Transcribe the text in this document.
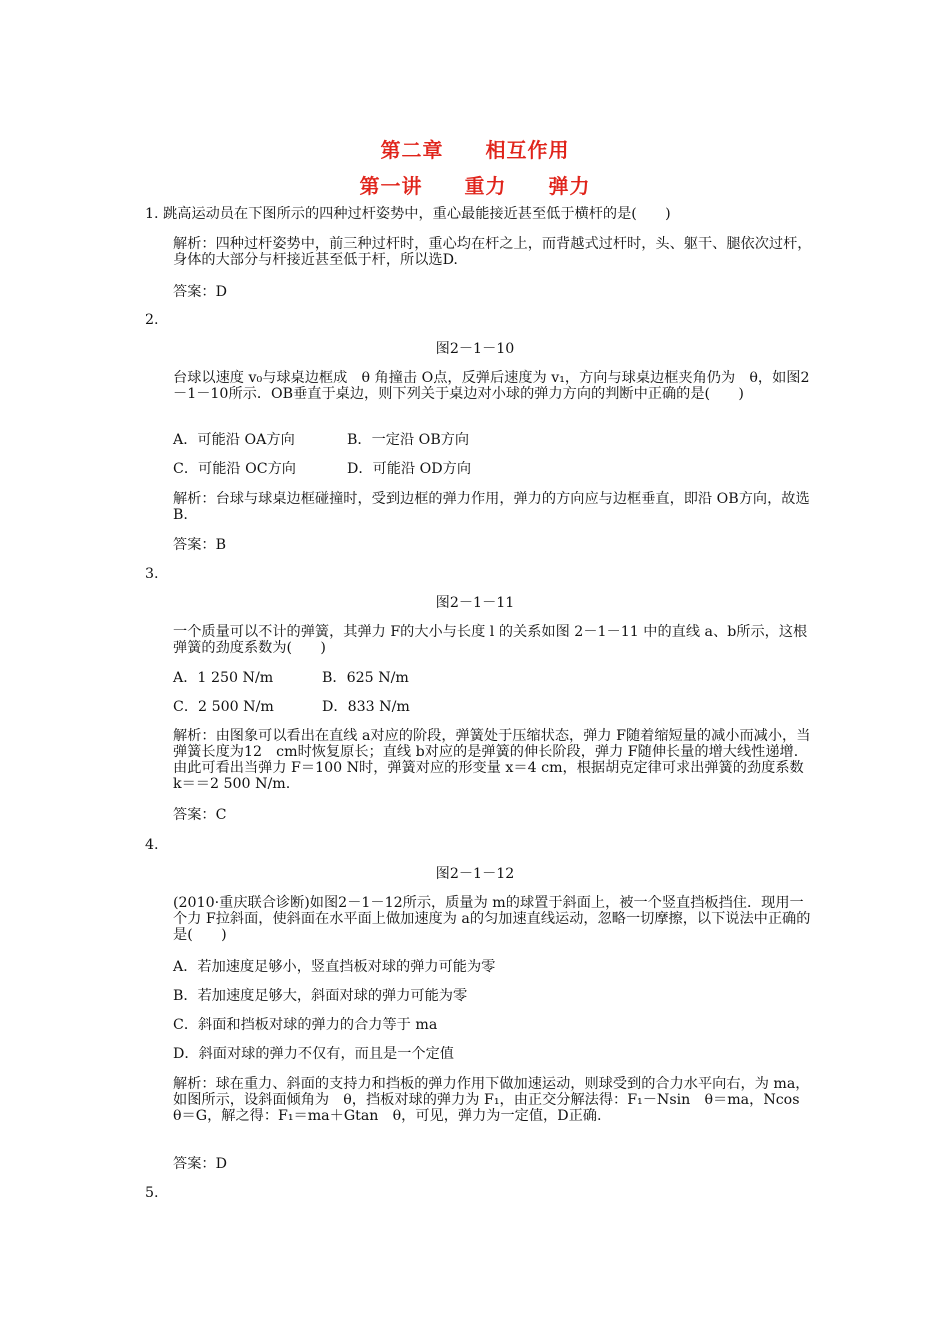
第二章　　相互作用
第一讲　　重力　　弹力
1. 跳高运动员在下图所示的四种过杆姿势中，重心最能接近甚至低于横杆的是(　　)
解析：四种过杆姿势中，前三种过杆时，重心均在杆之上，而背越式过杆时，头、躯干、腿依次过杆，身体的大部分与杆接近甚至低于杆，所以选D.
答案：D
2.
图2－1－10
台球以速度 v₀与球桌边框成　θ 角撞击 O点，反弹后速度为 v₁，方向与球桌边框夹角仍为　θ，如图2－1－10所示．OB垂直于桌边，则下列关于桌边对小球的弹力方向的判断中正确的是(　　)
A．可能沿 OA方向	B．一定沿 OB方向
C．可能沿 OC方向	D．可能沿 OD方向
解析：台球与球桌边框碰撞时，受到边框的弹力作用，弹力的方向应与边框垂直，即沿 OB方向，故选B.
答案：B
3.
图2－1－11
一个质量可以不计的弹簧，其弹力 F的大小与长度 l 的关系如图 2－1－11 中的直线 a、b所示，这根弹簧的劲度系数为(　　)
A．1 250 N/m	B．625 N/m
C．2 500 N/m	D．833 N/m
解析：由图象可以看出在直线 a对应的阶段，弹簧处于压缩状态，弹力 F随着缩短量的减小而减小，当弹簧长度为12　cm时恢复原长；直线 b对应的是弹簧的伸长阶段，弹力 F随伸长量的增大线性递增．由此可看出当弹力 F＝100 N时，弹簧对应的形变量 x＝4 cm，根据胡克定律可求出弹簧的劲度系数 k＝＝2 500 N/m.
答案：C
4.
图2－1－12
(2010·重庆联合诊断)如图2－1－12所示，质量为 m的球置于斜面上，被一个竖直挡板挡住．现用一个力 F拉斜面，使斜面在水平面上做加速度为 a的匀加速直线运动，忽略一切摩擦，以下说法中正确的是(　　)
A．若加速度足够小，竖直挡板对球的弹力可能为零
B．若加速度足够大，斜面对球的弹力可能为零
C．斜面和挡板对球的弹力的合力等于 ma
D．斜面对球的弹力不仅有，而且是一个定值
解析：球在重力、斜面的支持力和挡板的弹力作用下做加速运动，则球受到的合力水平向右，为 ma，如图所示，设斜面倾角为　θ，挡板对球的弹力为 F₁，由正交分解法得：F₁－Nsin　θ＝ma，Ncos　θ＝G，解之得：F₁＝ma＋Gtan　θ，可见，弹力为一定值，D正确.
答案：D
5.
